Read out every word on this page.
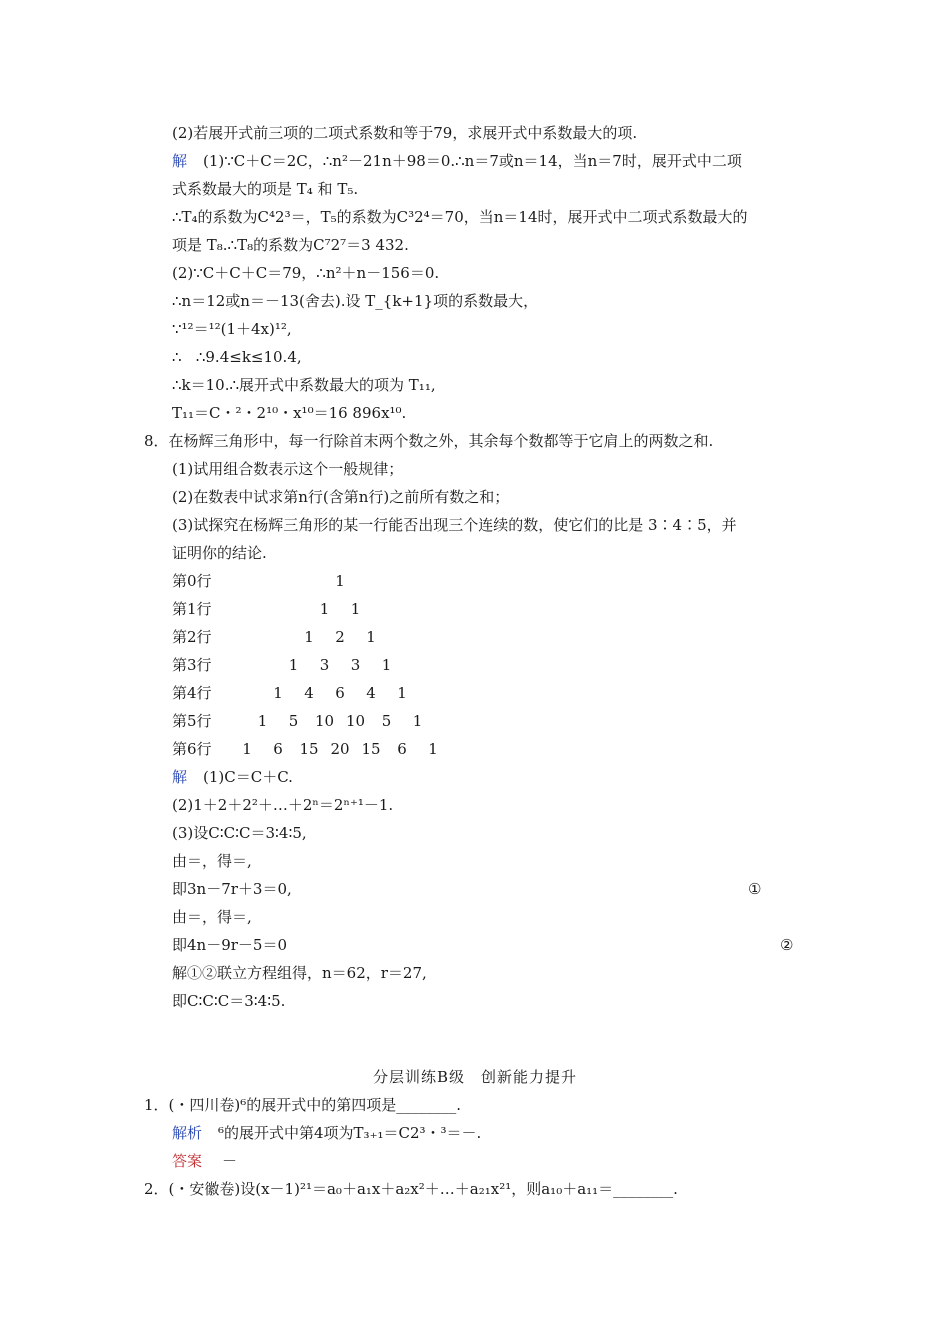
(2)若展开式前三项的二项式系数和等于79，求展开式中系数最大的项.
解 (1)∵C＋C＝2C，∴n²－21n＋98＝0.∴n＝7或n＝14，当n＝7时，展开式中二项
式系数最大的项是 T₄ 和 T₅.
∴T₄的系数为C⁴2³＝，T₅的系数为C³2⁴＝70，当n＝14时，展开式中二项式系数最大的
项是 T₈.∴T₈的系数为C⁷2⁷＝3 432.
(2)∵C＋C＋C＝79，∴n²＋n－156＝0.
∴n＝12或n＝－13(舍去).设 T_{k+1}项的系数最大，
∵¹²＝¹²(1＋4x)¹²,
∴   ∴9.4≤k≤10.4,
∴k＝10.∴展开式中系数最大的项为 T₁₁,
T₁₁＝C・²・2¹⁰・x¹⁰＝16 896x¹⁰.
8．在杨辉三角形中，每一行除首末两个数之外，其余每个数都等于它肩上的两数之和.
(1)试用组合数表示这个一般规律；
(2)在数表中试求第n行(含第n行)之前所有数之和；
(3)试探究在杨辉三角形的某一行能否出现三个连续的数，使它们的比是 3∶4∶5，并
证明你的结论.
第0行	1
第1行	1	1
第2行	1	2	1
第3行	1	3	3	1
第4行	1	4	6	4	1
第5行	1	5	10 10	5	1
第6行	1	6	15 20 15	6	1
解 (1)C＝C＋C.
(2)1＋2＋2²＋…＋2ⁿ＝2ⁿ⁺¹－1.
(3)设C∶C∶C＝3∶4∶5,
由＝，得＝,
即3n－7r＋3＝0,	①
由＝，得＝,
即4n－9r－5＝0	②
解①②联立方程组得，n＝62，r＝27,
即C∶C∶C＝3∶4∶5.
分层训练B级　创新能力提升
1．(・四川卷)⁶的展开式中的第四项是________.
解析 ⁶的展开式中第4项为T₃₊₁＝C2³・³＝－.
答案 －
2．(・安徽卷)设(x－1)²¹＝a₀＋a₁x＋a₂x²＋…＋a₂₁x²¹，则a₁₀＋a₁₁＝________.
